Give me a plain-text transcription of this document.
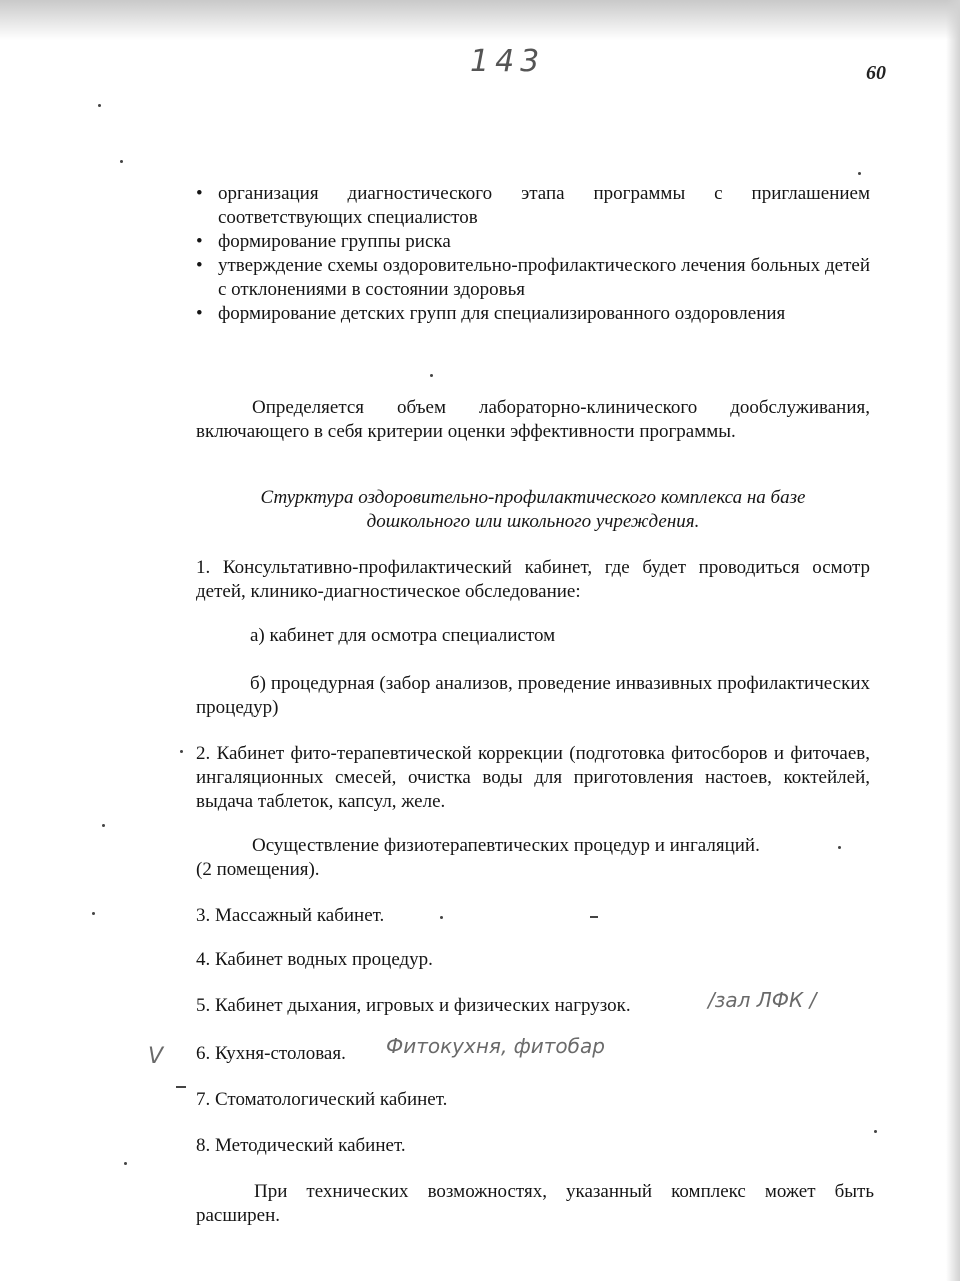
143	60
• организация диагностического этапа программы с приглашением соответствующих специалистов
• формирование группы риска
• утверждение схемы оздоровительно-профилактического лечения больных детей с отклонениями в состоянии здоровья
• формирование детских групп для специализированного оздоровления
Определяется объем лабораторно-клинического дообслуживания, включающего в себя критерии оценки эффективности программы.
Стурктура оздоровительно-профилактического комплекса на базе
дошкольного или школьного учреждения.
1. Консультативно-профилактический кабинет, где будет проводиться осмотр детей, клинико-диагностическое обследование:
а) кабинет для осмотра специалистом
б) процедурная (забор анализов, проведение инвазивных профилактических процедур)
2. Кабинет фито-терапевтической коррекции (подготовка фитосборов и фиточаев, ингаляционных смесей, очистка воды для приготовления настоев, коктейлей, выдача таблеток, капсул, желе.
Осуществление физиотерапевтических процедур и ингаляций.
(2 помещения).
3. Массажный кабинет.
4. Кабинет водных процедур.
5. Кабинет дыхания, игровых и физических нагрузок.	/зал ЛФК /
V 6. Кухня-столовая.	Фитокухня, фитобар
7. Стоматологический кабинет.
8. Методический кабинет.
При технических возможностях, указанный комплекс может быть расширен.
